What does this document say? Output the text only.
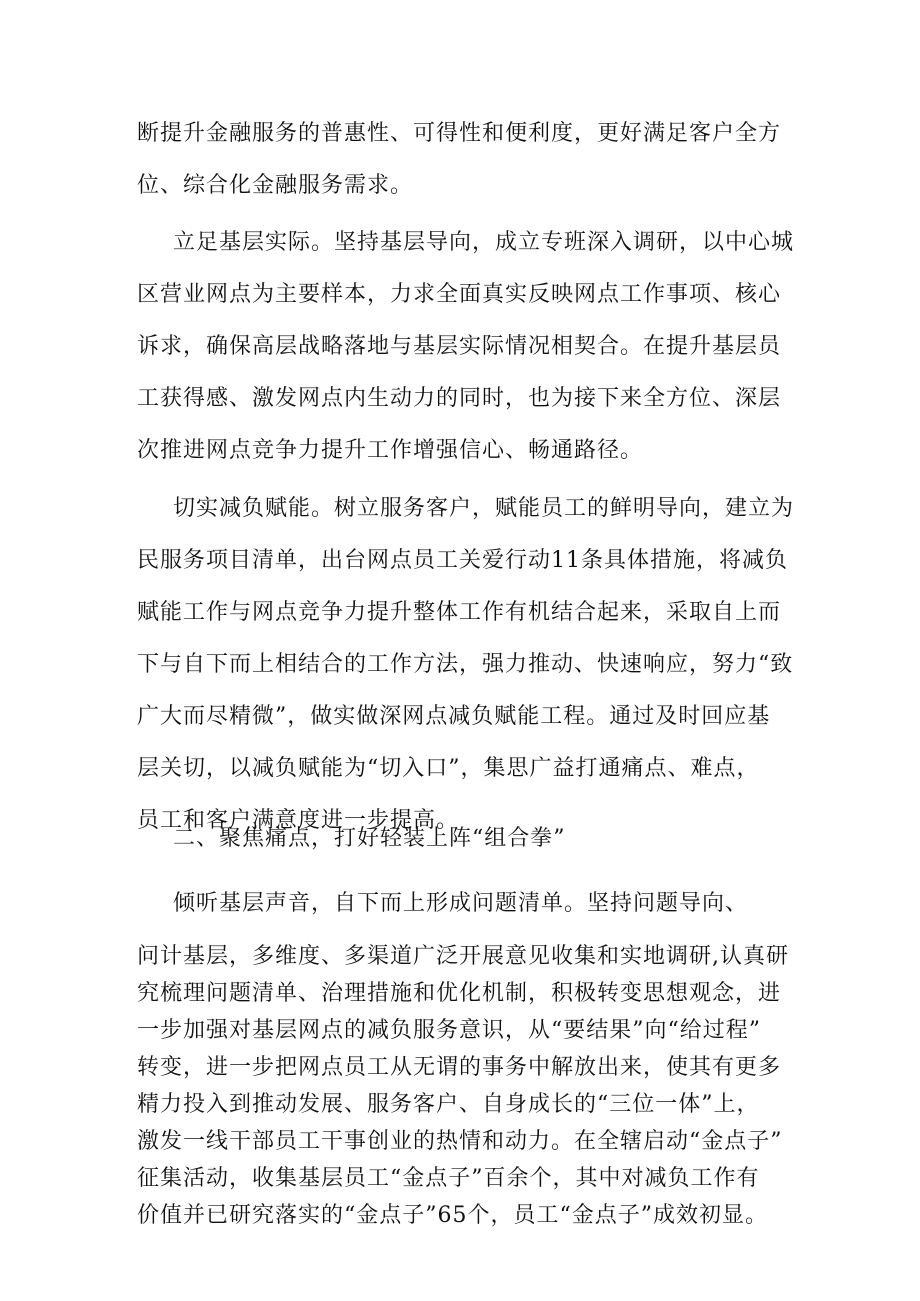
断提升金融服务的普惠性、可得性和便利度，更好满足客户全方
位、综合化金融服务需求。
立足基层实际。坚持基层导向，成立专班深入调研，以中心城
区营业网点为主要样本，力求全面真实反映网点工作事项、核心
诉求，确保高层战略落地与基层实际情况相契合。在提升基层员
工获得感、激发网点内生动力的同时，也为接下来全方位、深层
次推进网点竞争力提升工作增强信心、畅通路径。
切实减负赋能。树立服务客户，赋能员工的鲜明导向，建立为
民服务项目清单，出台网点员工关爱行动11条具体措施，将减负
赋能工作与网点竞争力提升整体工作有机结合起来，采取自上而
下与自下而上相结合的工作方法，强力推动、快速响应，努力“致
广大而尽精微”，做实做深网点减负赋能工程。通过及时回应基
层关切，以减负赋能为“切入口”，集思广益打通痛点、难点，
员工和客户满意度进一步提高。
二、聚焦痛点，打好轻装上阵“组合拳”
倾听基层声音，自下而上形成问题清单。坚持问题导向、
问计基层，多维度、多渠道广泛开展意见收集和实地调研,认真研
究梳理问题清单、治理措施和优化机制，积极转变思想观念，进
一步加强对基层网点的减负服务意识，从“要结果”向“给过程”
转变，进一步把网点员工从无谓的事务中解放出来，使其有更多
精力投入到推动发展、服务客户、自身成长的“三位一体”上，
激发一线干部员工干事创业的热情和动力。在全辖启动“金点子”
征集活动，收集基层员工“金点子”百余个，其中对减负工作有
价值并已研究落实的“金点子”65个，员工“金点子”成效初显。
